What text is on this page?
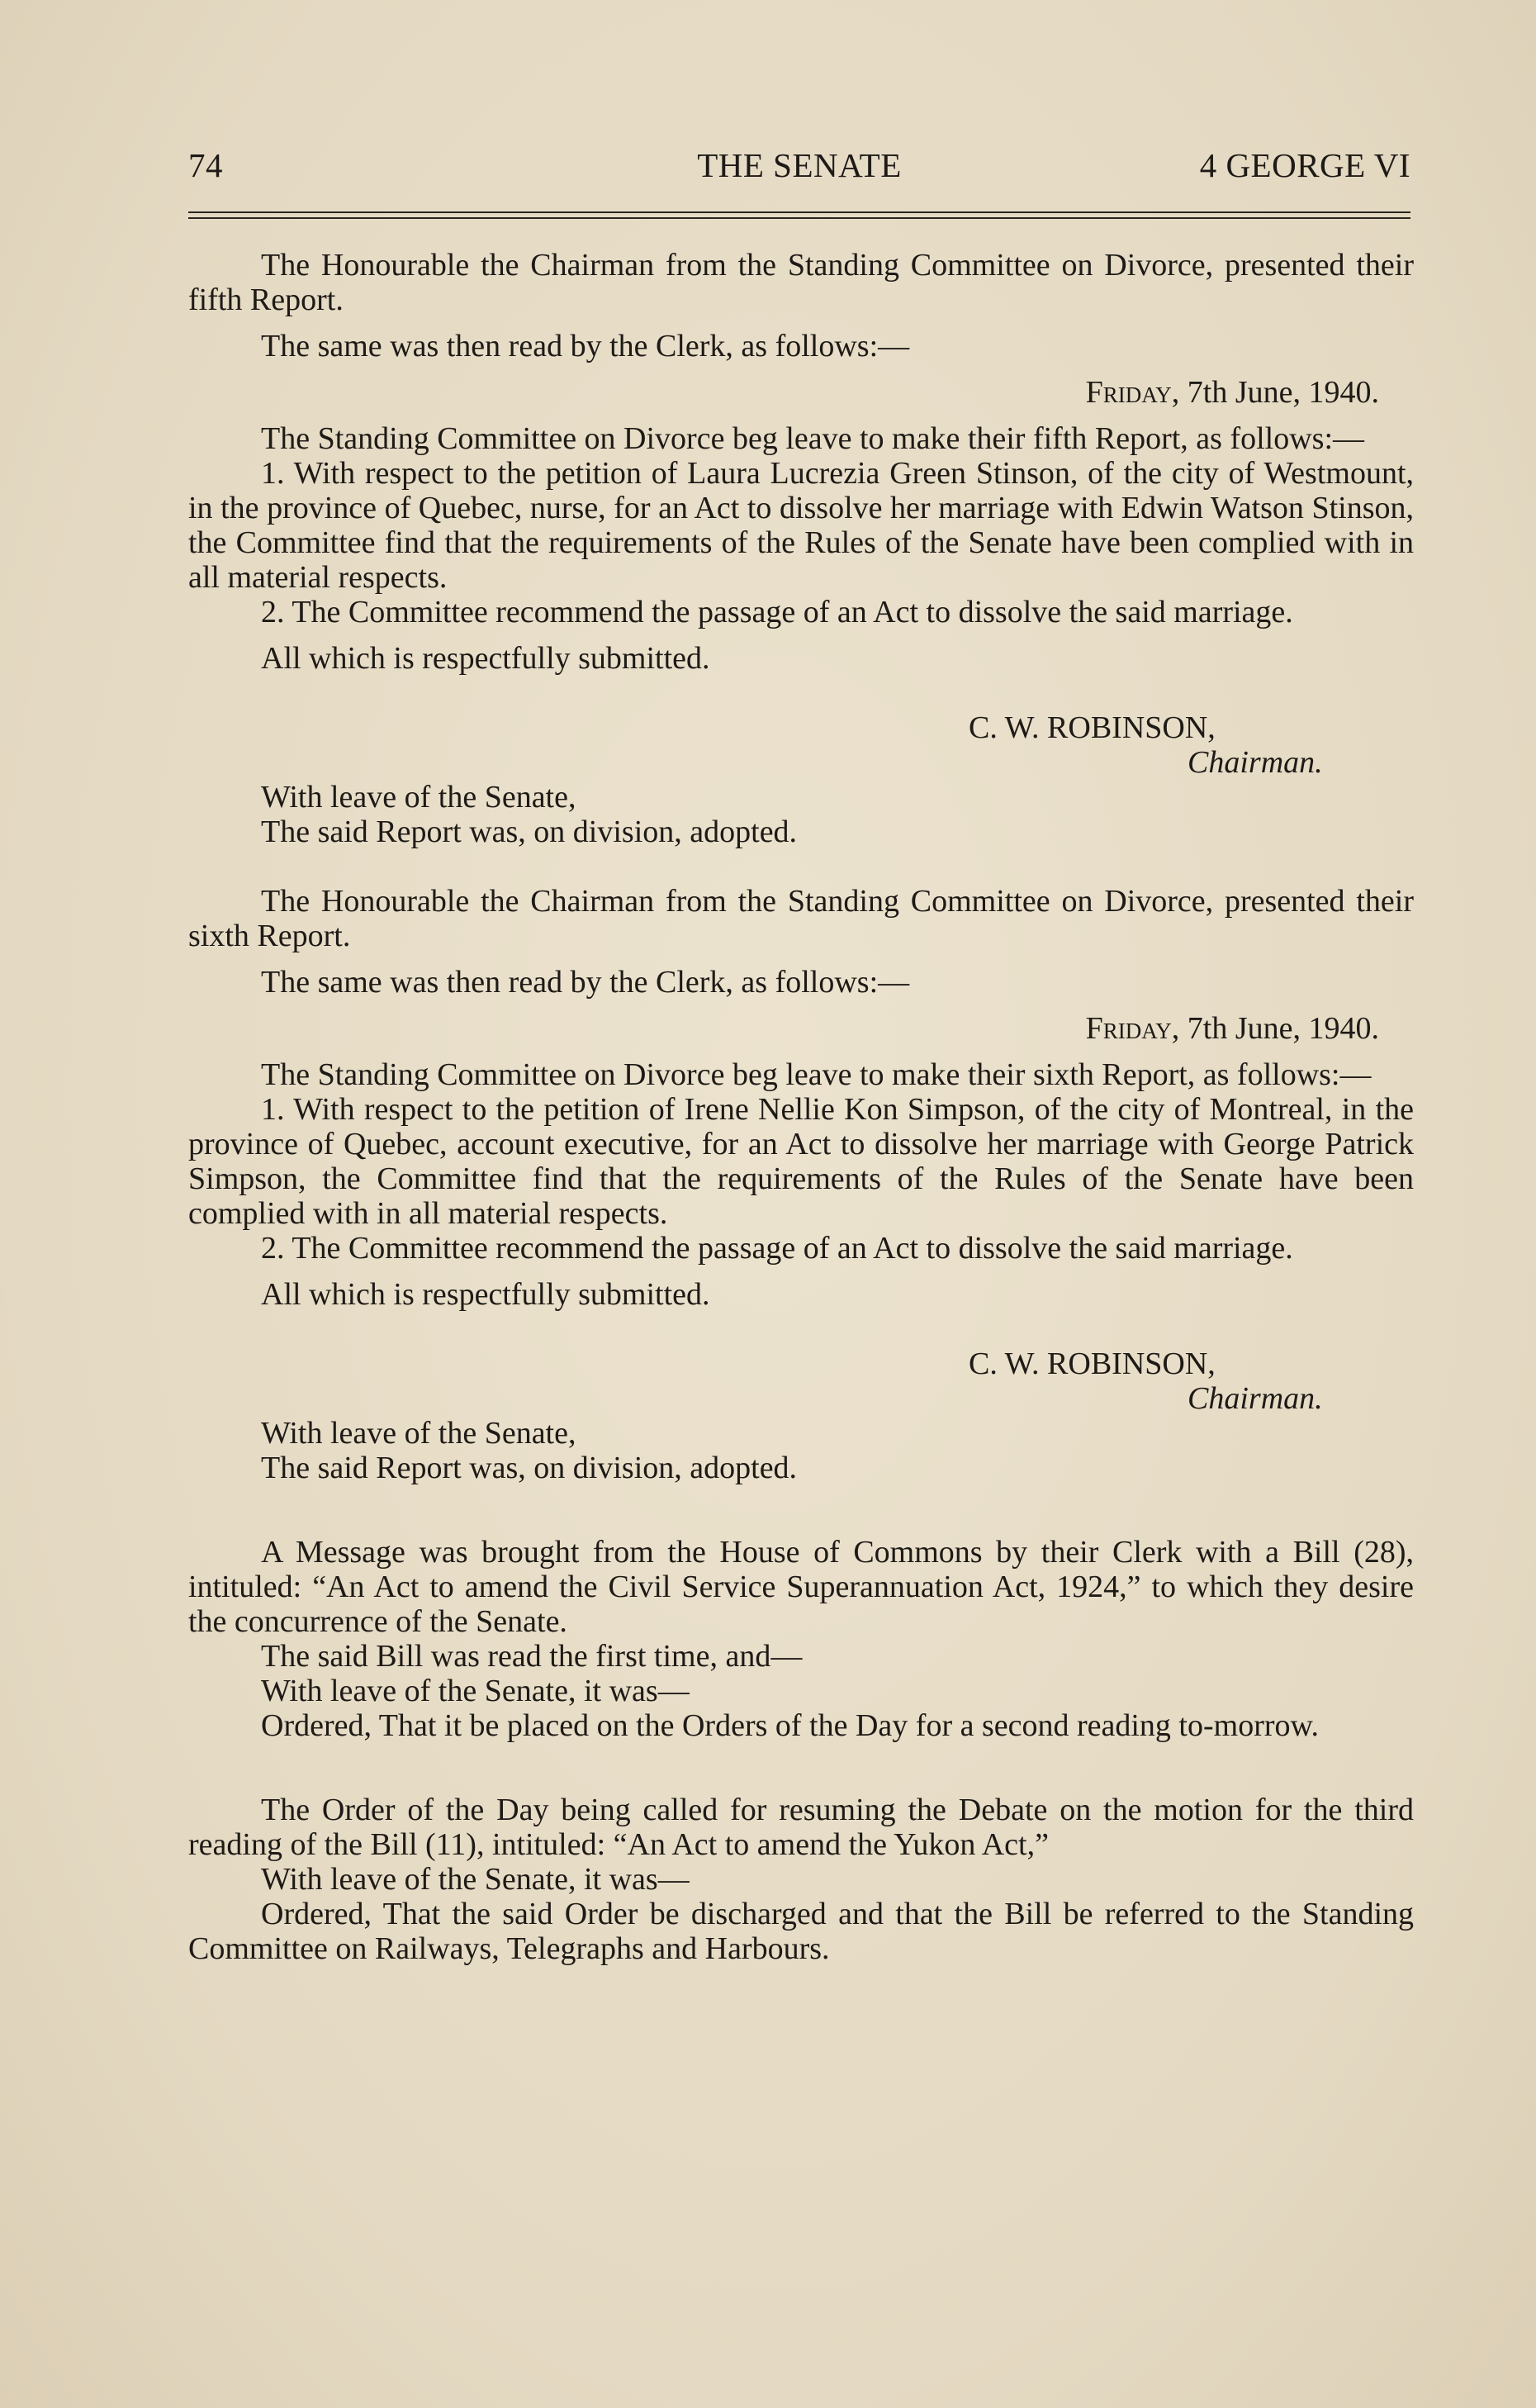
74	THE SENATE	4 GEORGE VI

The Honourable the Chairman from the Standing Committee on Divorce, presented their fifth Report.

The same was then read by the Clerk, as follows:—

Friday, 7th June, 1940.

The Standing Committee on Divorce beg leave to make their fifth Report, as follows:—

1. With respect to the petition of Laura Lucrezia Green Stinson, of the city of Westmount, in the province of Quebec, nurse, for an Act to dissolve her marriage with Edwin Watson Stinson, the Committee find that the requirements of the Rules of the Senate have been complied with in all material respects.

2. The Committee recommend the passage of an Act to dissolve the said marriage.

All which is respectfully submitted.

C. W. ROBINSON,

Chairman.

With leave of the Senate,

The said Report was, on division, adopted.

The Honourable the Chairman from the Standing Committee on Divorce, presented their sixth Report.

The same was then read by the Clerk, as follows:—

Friday, 7th June, 1940.

The Standing Committee on Divorce beg leave to make their sixth Report, as follows:—

1. With respect to the petition of Irene Nellie Kon Simpson, of the city of Montreal, in the province of Quebec, account executive, for an Act to dissolve her marriage with George Patrick Simpson, the Committee find that the requirements of the Rules of the Senate have been complied with in all material respects.

2. The Committee recommend the passage of an Act to dissolve the said marriage.

All which is respectfully submitted.

C. W. ROBINSON,

Chairman.

With leave of the Senate,

The said Report was, on division, adopted.

A Message was brought from the House of Commons by their Clerk with a Bill (28), intituled: “An Act to amend the Civil Service Superannuation Act, 1924,” to which they desire the concurrence of the Senate.

The said Bill was read the first time, and—

With leave of the Senate, it was—

Ordered, That it be placed on the Orders of the Day for a second reading to-morrow.

The Order of the Day being called for resuming the Debate on the motion for the third reading of the Bill (11), intituled: “An Act to amend the Yukon Act,”

With leave of the Senate, it was—

Ordered, That the said Order be discharged and that the Bill be referred to the Standing Committee on Railways, Telegraphs and Harbours.
